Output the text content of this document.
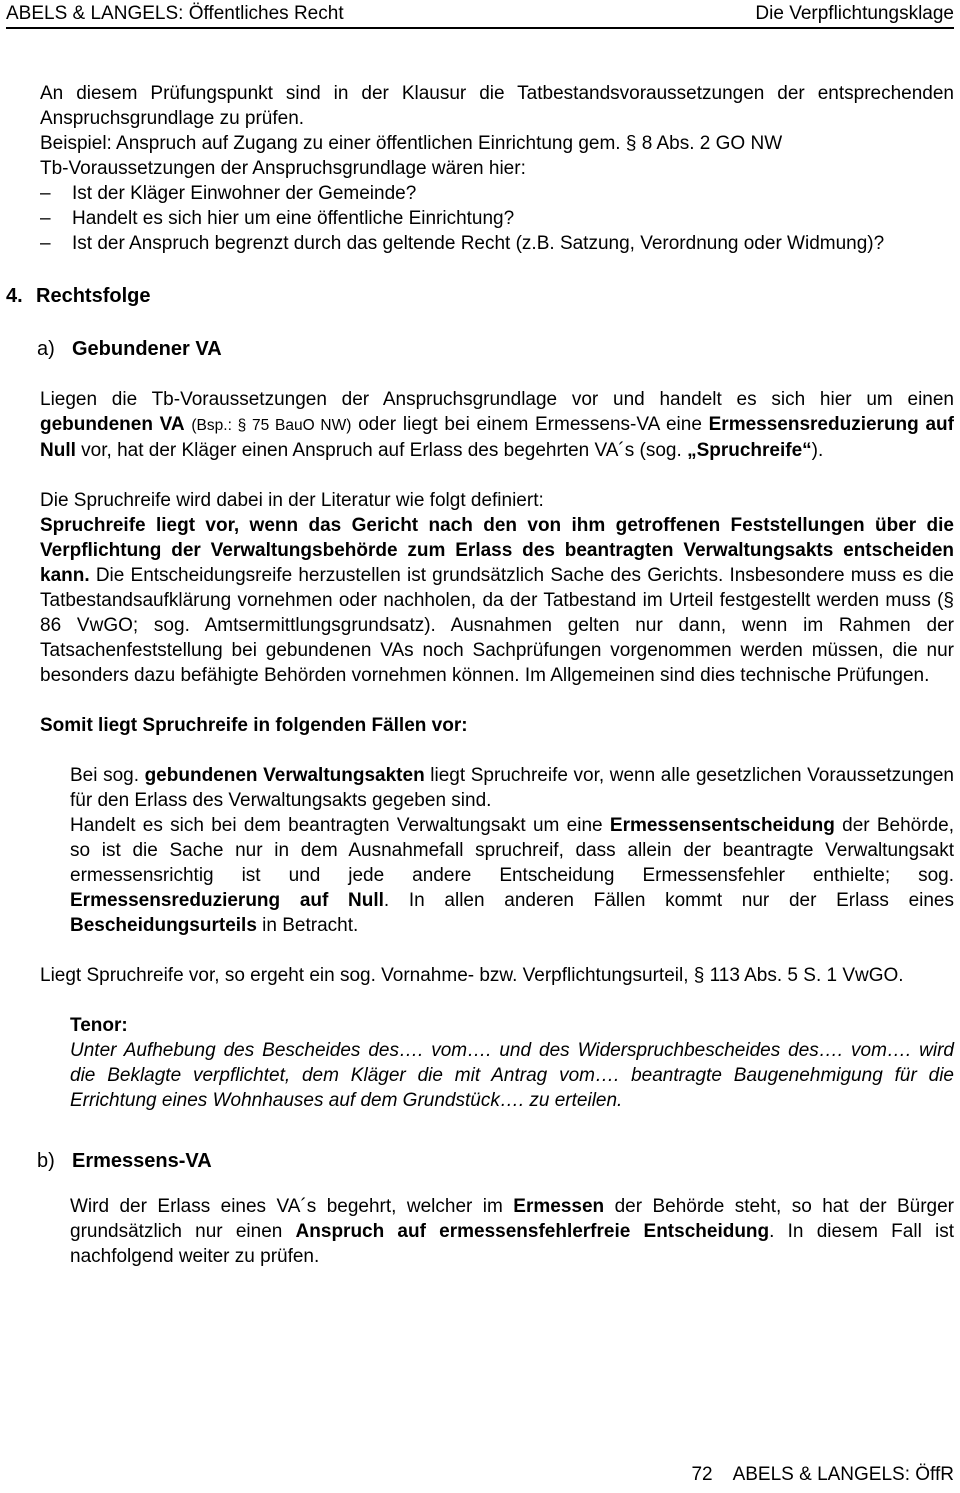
ABELS & LANGELS: Öffentliches Recht	Die Verpflichtungsklage

An diesem Prüfungspunkt sind in der Klausur die Tatbestandsvoraussetzungen der entsprechenden Anspruchsgrundlage zu prüfen.

Beispiel: Anspruch auf Zugang zu einer öffentlichen Einrichtung gem. § 8 Abs. 2 GO NW

Tb-Voraussetzungen der Anspruchsgrundlage wären hier:

–	Ist der Kläger Einwohner der Gemeinde?
–	Handelt es sich hier um eine öffentliche Einrichtung?
–	Ist der Anspruch begrenzt durch das geltende Recht (z.B. Satzung, Verordnung oder Widmung)?
4. Rechtsfolge
a) Gebundener VA

Liegen die Tb-Voraussetzungen der Anspruchsgrundlage vor und handelt es sich hier um einen gebundenen VA (Bsp.: § 75 BauO NW) oder liegt bei einem Ermessens-VA eine Ermessensreduzierung auf Null vor, hat der Kläger einen Anspruch auf Erlass des begehrten VA´s (sog. „Spruchreife“).

Die Spruchreife wird dabei in der Literatur wie folgt definiert:

Spruchreife liegt vor, wenn das Gericht nach den von ihm getroffenen Feststellungen über die Verpflichtung der Verwaltungsbehörde zum Erlass des beantragten Verwaltungsakts entscheiden kann. Die Entscheidungsreife herzustellen ist grundsätzlich Sache des Gerichts. Insbesondere muss es die Tatbestandsaufklärung vornehmen oder nachholen, da der Tatbestand im Urteil festgestellt werden muss (§ 86 VwGO; sog. Amtsermittlungsgrundsatz). Ausnahmen gelten nur dann, wenn im Rahmen der Tatsachenfeststellung bei gebundenen VAs noch Sachprüfungen vorgenommen werden müssen, die nur besonders dazu befähigte Behörden vornehmen können. Im Allgemeinen sind dies technische Prüfungen.

Somit liegt Spruchreife in folgenden Fällen vor:

Bei sog. gebundenen Verwaltungsakten liegt Spruchreife vor, wenn alle gesetzlichen Voraussetzungen für den Erlass des Verwaltungsakts gegeben sind.

Handelt es sich bei dem beantragten Verwaltungsakt um eine Ermessensentscheidung der Behörde, so ist die Sache nur in dem Ausnahmefall spruchreif, dass allein der beantragte Verwaltungsakt ermessensrichtig ist und jede andere Entscheidung Ermessensfehler enthielte; sog. Ermessensreduzierung auf Null. In allen anderen Fällen kommt nur der Erlass eines Bescheidungsurteils in Betracht.

Liegt Spruchreife vor, so ergeht ein sog. Vornahme- bzw. Verpflichtungsurteil, § 113 Abs. 5 S. 1 VwGO.

Tenor:

Unter Aufhebung des Bescheides des…. vom…. und des Widerspruchbescheides des…. vom…. wird die Beklagte verpflichtet, dem Kläger die mit Antrag vom…. beantragte Baugenehmigung für die Errichtung eines Wohnhauses auf dem Grundstück…. zu erteilen.

b) Ermessens-VA

Wird der Erlass eines VA´s begehrt, welcher im Ermessen der Behörde steht, so hat der Bürger grundsätzlich nur einen Anspruch auf ermessensfehlerfreie Entscheidung. In diesem Fall ist nachfolgend weiter zu prüfen.

72 ABELS & LANGELS: ÖffR
